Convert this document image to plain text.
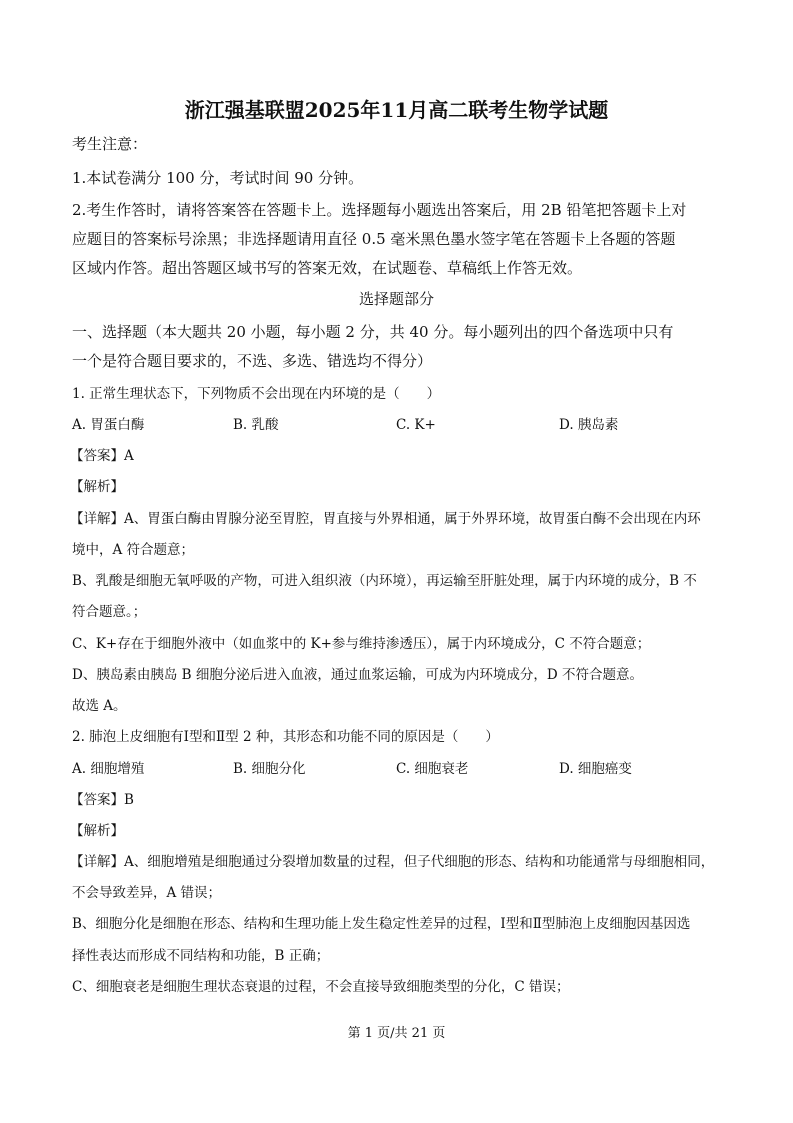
浙江强基联盟2025年11月高二联考生物学试题
考生注意：
1.本试卷满分 100 分，考试时间 90 分钟。
2.考生作答时，请将答案答在答题卡上。选择题每小题选出答案后，用 2B 铅笔把答题卡上对
应题目的答案标号涂黑；非选择题请用直径 0.5 毫米黑色墨水签字笔在答题卡上各题的答题
区域内作答。超出答题区域书写的答案无效，在试题卷、草稿纸上作答无效。
选择题部分
一、选择题（本大题共 20 小题，每小题 2 分，共 40 分。每小题列出的四个备选项中只有
一个是符合题目要求的，不选、多选、错选均不得分）
1. 正常生理状态下，下列物质不会出现在内环境的是（　　）
A. 胃蛋白酶	B. 乳酸	C. K+	D. 胰岛素
【答案】A
【解析】
【详解】A、胃蛋白酶由胃腺分泌至胃腔，胃直接与外界相通，属于外界环境，故胃蛋白酶不会出现在内环
境中，A 符合题意；
B、乳酸是细胞无氧呼吸的产物，可进入组织液（内环境），再运输至肝脏处理，属于内环境的成分，B 不
符合题意。；
C、K+存在于细胞外液中（如血浆中的 K+参与维持渗透压），属于内环境成分，C 不符合题意；
D、胰岛素由胰岛 B 细胞分泌后进入血液，通过血浆运输，可成为内环境成分，D 不符合题意。
故选 A。
2. 肺泡上皮细胞有Ⅰ型和Ⅱ型 2 种，其形态和功能不同的原因是（　　）
A. 细胞增殖	B. 细胞分化	C. 细胞衰老	D. 细胞癌变
【答案】B
【解析】
【详解】A、细胞增殖是细胞通过分裂增加数量的过程，但子代细胞的形态、结构和功能通常与母细胞相同，
不会导致差异，A 错误；
B、细胞分化是细胞在形态、结构和生理功能上发生稳定性差异的过程，Ⅰ型和Ⅱ型肺泡上皮细胞因基因选
择性表达而形成不同结构和功能，B 正确；
C、细胞衰老是细胞生理状态衰退的过程，不会直接导致细胞类型的分化，C 错误；
第 1 页/共 21 页
